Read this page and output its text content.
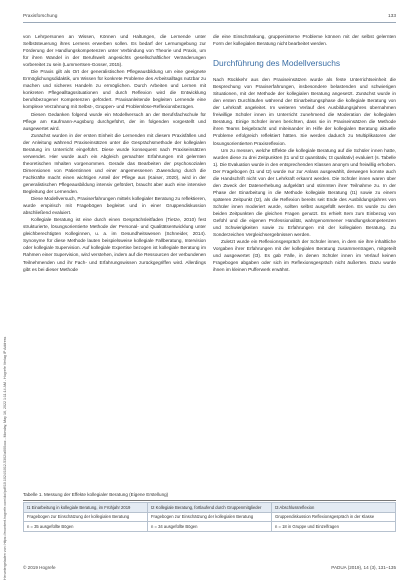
Heruntergeladen von: https://econtent.hogrefe.com/doi/pdf/10.1024/1012-5302/a000xxx - Monday, May 16, 2022 1:11:14 AM - Hogrefe Verlag IP Address
Praxisforschung	133

von Lehrpersonen an Wissen, Können und Haltungen, die Lernende unter Selbststeuerung ihres Lernens erwerben sollen. Es bedarf der Lernumgebung zur Förderung der Handlungskompetenzen unter Verbindung von Theorie und Praxis, um für ihren Wandel in der Berufswelt angesichts gesellschaftlicher Veränderungen vorbereitet zu sein (Lummertsen-Gosser, 2015).

Die Praxis gilt als Ort der generalistischen Pflegeausbildung um eine geeignete Ermöglichungsdidaktik, um Wissen für konkrete Probleme des Arbeitsalltags nutzbar zu machen und sicheres Handeln zu ermöglichen. Durch Arbeiten und Lernen mit konkreten Pflegealltagssituationen und durch Reflexion wird die Entwicklung berufsbezogener Kompetenzen gefördert. Praxisanleitende begleiten Lernende eine komplexe Verzahnung mit Selbst-, Gruppen- und Problemlöse-Reflexionsbezügen.

Diesen Gedanken folgend wurde ein Modellversuch an der Berufsfachschule für Pflege am Kaufmann-Augsburg durchgeführt, der im folgenden vorgestellt und ausgewertet wird.

Zunächst wurden in der ersten Einheit die Lernenden mit diesem Praxisfällen und der Anleitung während Praxiseinsätzen unter die Gesprächsmethode der kollegialen Beratung im Unterricht eingeführt. Diese wurde konsequent nach Praxiseinsätzen verwendet. Hier wurde auch ein Abgleich gemachter Erfahrungen mit gelernten theoretischen Inhalten vorgenommen. Gerade das Bearbeiten der psychosozialen Dimensionen von Patientinnen und einer angemessenen Zuwendung durch die Fachkräfte macht einen wichtigen Anteil der Pflege aus (Kaiser, 2020), wird in der generalistischen Pflegeausbildung intensiv gefördert, braucht aber auch eine intensive Begleitung der Lernenden.

Diese Modellversuch, Praxiserfahrungen mittels kollegialer Beratung zu reflektieren, wurde empirisch mit Fragebögen begleitet und in einer Gruppendiskussion abschließend evaluiert.

Kollegiale Beratung ist eine durch einen Gesprächsleitfaden (Tietze, 2010) fest strukturierte, lösungsorientierte Methode der Personal- und Qualitätsentwicklung unter gleichberechtigten Kolleginnen, u. a. im Gesundheitswesen (Schneider, 2014). Synonyme für diese Methode lauten beispielsweise kollegiale Fallberatung, Intervision oder kollegiale Supervision. Auf kollegiale Expertise bezogen ist kollegiale Beratung im Rahmen einer Supervision, wird verstehen, indem auf die Ressourcen der verbundenen Teilnehmenden und ihr Fach- und Erfahrungswissen zurückgegriffen wird. Allerdings gibt es bei dieser Methode

die eine Einschränkung, gruppeninterne Probleme können mit der selbst gelernten Form der kollegialen Beratung nicht bearbeitet werden.

Durchführung des Modellversuchs

Nach Rückkehr aus den Praxiseinsätzen wurde als feste Unterrichtseinheit die Besprechung von Praxiserfahrungen, insbesondere belastenden und schwierigen Situationen, mit der Methode der kollegialen Beratung angesetzt. Zunächst wurde in den ersten Durchläufen während der Einarbeitungsphase die kollegiale Beratung von der Lehrkraft angeleitet. Im weiteren Verlauf des Ausbildungsjahres übernahmen freiwillige Schüler innen im Unterricht zunehmend die Moderation der kollegialen Beratung. Einige Schüler innen berichten, dass sie in Praxiseinsätzen die Methode ihren Teams beigebracht und miteinander im Hilfe der kollegialen Beratung aktuelle Probleme erfolgreich reflektiert hätten. Sie werden dadurch zu Multiplikatoren der lösungsorientierten Praxisreflexion.

Um zu messen, welche Effekte die kollegiale Beratung auf die Schüler innen hatte, wurden diese zu drei Zeitpunkten (t1 und t2 quantitativ, t3 qualitativ) evaluiert (s. Tabelle 1). Die Evaluation wurde in den entsprechenden Klassen anonym und freiwillig erhoben. Der Fragebogen (t1 und t2) wurde nur zur Anlass ausgewählt, deswegen konnte auch die Handschrift nicht von der Lehrkraft erkannt werden. Die Schüler innen waren über den Zweck der Datenerhebung aufgeklärt und stimmten ihrer Teilnahme zu. In der Phase der Einarbeitung in die Methode kollegiale Beratung (t1) sowie zu einem späteren Zeitpunkt (t2), als die Reflexion bereits seit Ende des Ausbildungsjahres von Schüler innen moderiert wurde, sollten selbst ausgefüllt werden. Es wurde zu den beiden Zeitpunkten die gleichen Fragen genutzt. Es erhielt Item zum Einbezug von Gefühl und die eigenen Professionalität, wahrgenommener Handlungskompetenzen und Schwierigkeiten sowie zu Erfahrungen mit der kollegialen Beratung. Zu Sonderzeichen Vergleichsergebnissen werden.

Zuletzt wurde ein Reflexionsgespräch der Schüler innen, in dem sie ihre inhaltliche Vorgaben ihrer Erfahrungen mit der kollegialen Beratung zusammentragen, mitgeteilt und ausgewertet (t3). Es gab Fälle, in denen Schüler innen im Verlauf keinen Fragebogen abgaben oder sich im Reflexionsgespräch nicht äußerten. Dazu wurde ihnen im kleinen Pufferwerk erwähnt.

Tabelle 1. Messung der Effekte kollegialer Beratung (Eigene Erstellung)
t1 Einarbeitung in kollegiale Beratung, im Frühjahr 2019	t2 Kollegiale Beratung, fortlaufend durch Gruppenmitglieder	t3 Abschlussreflexion
Fragebogen zur Einschätzung der kollegialen Beratung	Fragebogen zur Einschätzung der kollegialen Beratung	Gruppendiskussion Reflexionsgespräch in der Klasse
n = 35 ausgefüllte Bögen	n = 34 ausgefüllte Bögen	n = 18 in Gruppe und Einzelfragen
© 2019 Hogrefe	PADUA (2019), 14 (3), 131–135
